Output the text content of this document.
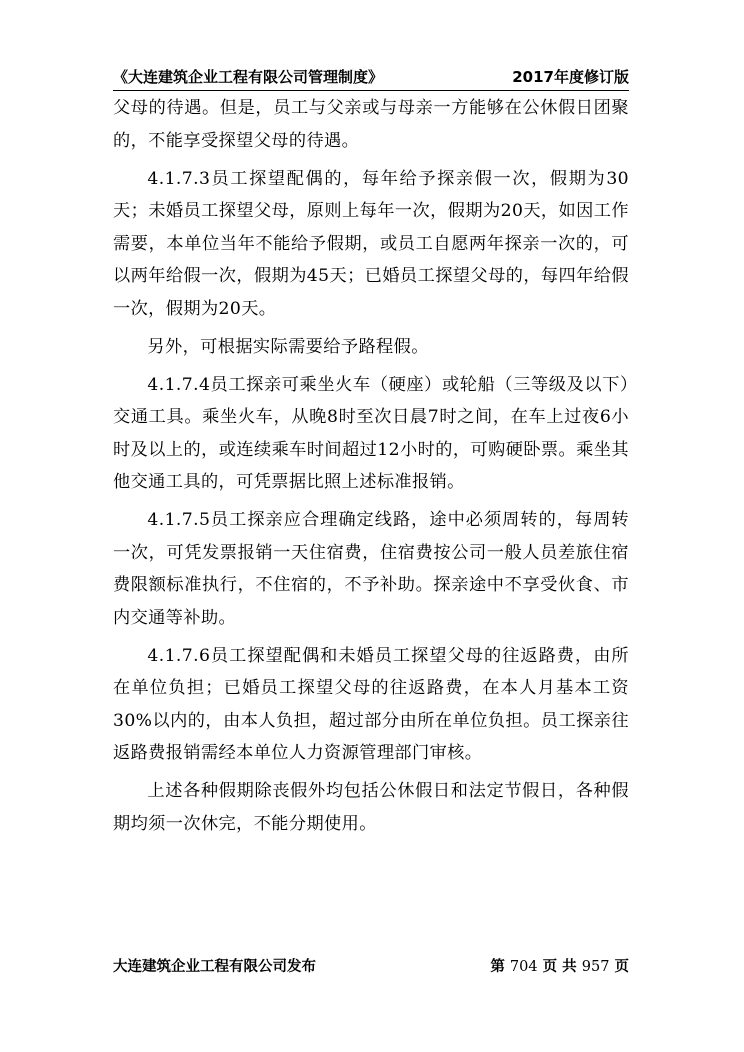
《大连建筑企业工程有限公司管理制度》	2017年度修订版

父母的待遇。但是，员工与父亲或与母亲一方能够在公休假日团聚的，不能享受探望父母的待遇。

4.1.7.3员工探望配偶的，每年给予探亲假一次，假期为30天；未婚员工探望父母，原则上每年一次，假期为20天，如因工作需要，本单位当年不能给予假期，或员工自愿两年探亲一次的，可以两年给假一次，假期为45天；已婚员工探望父母的，每四年给假一次，假期为20天。

另外，可根据实际需要给予路程假。

4.1.7.4员工探亲可乘坐火车（硬座）或轮船（三等级及以下）交通工具。乘坐火车，从晚8时至次日晨7时之间，在车上过夜6小时及以上的，或连续乘车时间超过12小时的，可购硬卧票。乘坐其他交通工具的，可凭票据比照上述标准报销。

4.1.7.5员工探亲应合理确定线路，途中必须周转的，每周转一次，可凭发票报销一天住宿费，住宿费按公司一般人员差旅住宿费限额标准执行，不住宿的，不予补助。探亲途中不享受伙食、市内交通等补助。

4.1.7.6员工探望配偶和未婚员工探望父母的往返路费，由所在单位负担；已婚员工探望父母的往返路费，在本人月基本工资30%以内的，由本人负担，超过部分由所在单位负担。员工探亲往返路费报销需经本单位人力资源管理部门审核。

上述各种假期除丧假外均包括公休假日和法定节假日，各种假期均须一次休完，不能分期使用。

大连建筑企业工程有限公司发布	第 704 页 共 957 页
